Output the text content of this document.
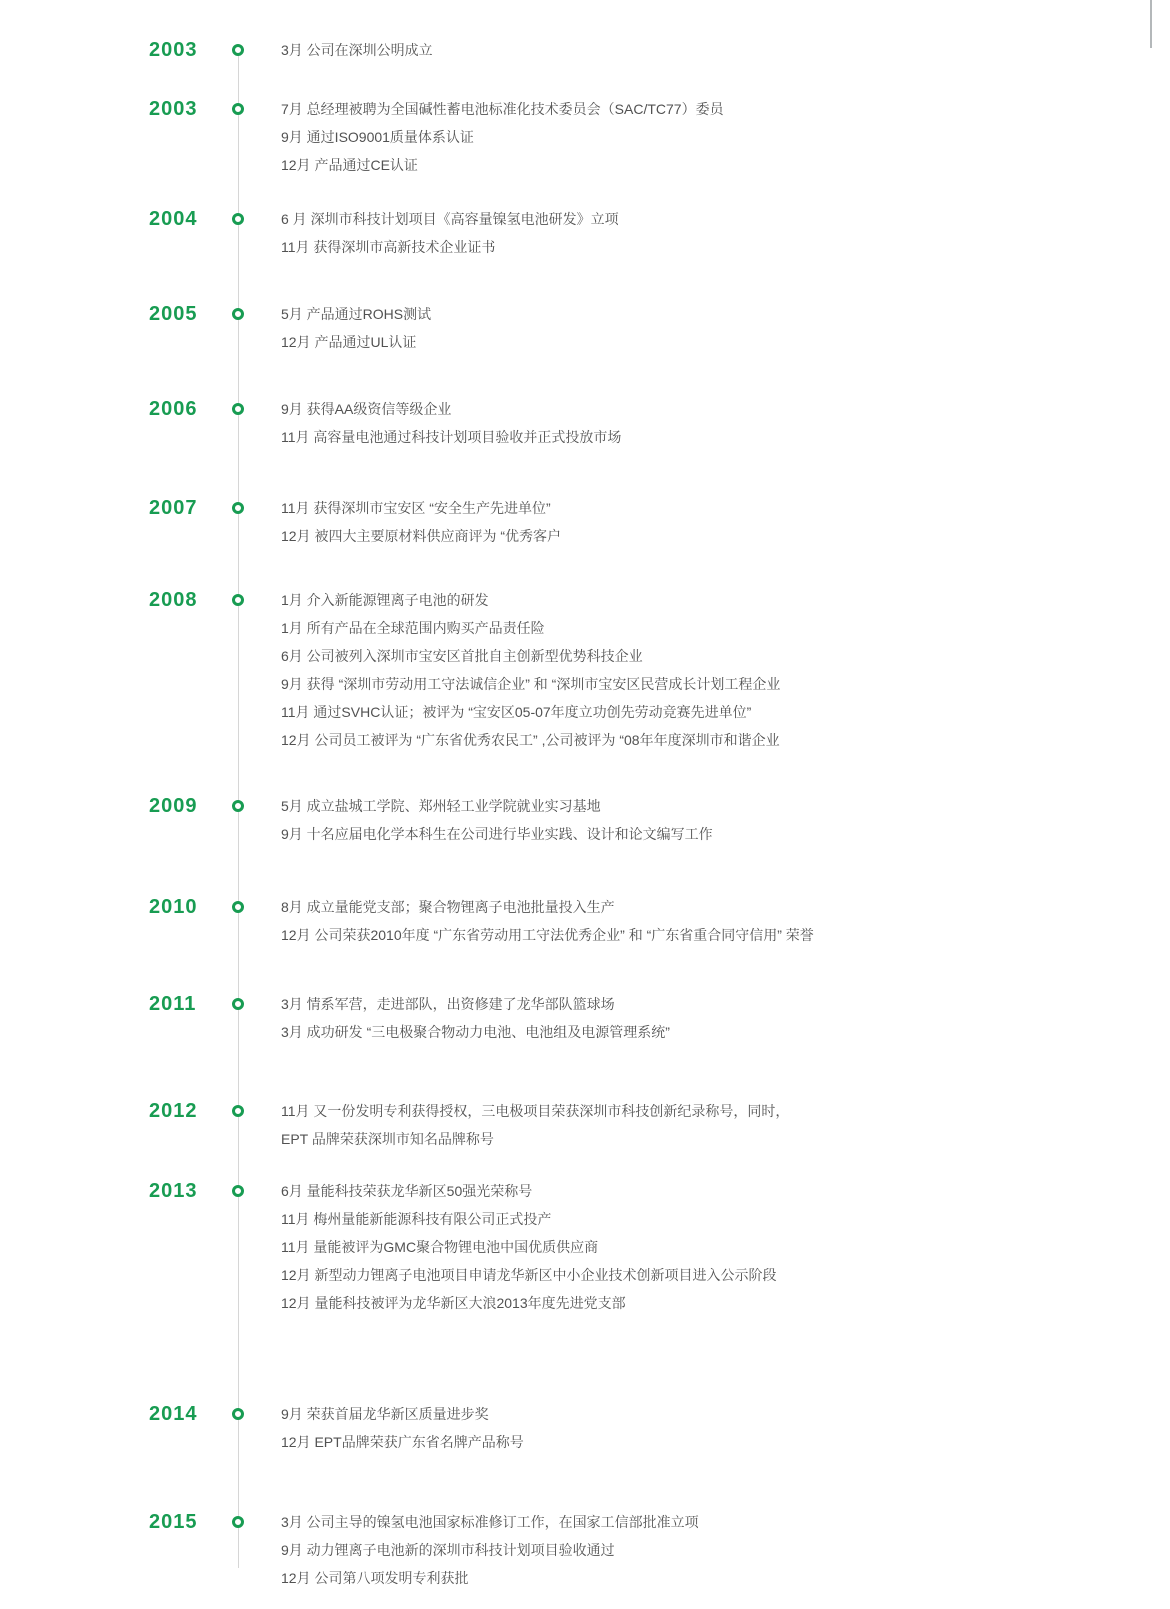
2003	3月 公司在深圳公明成立
2003	7月 总经理被聘为全国碱性蓄电池标准化技术委员会（SAC/TC77）委员
9月 通过ISO9001质量体系认证
12月 产品通过CE认证
2004	6 月 深圳市科技计划项目《高容量镍氢电池研发》立项
11月 获得深圳市高新技术企业证书
2005	5月 产品通过ROHS测试
12月 产品通过UL认证
2006	9月 获得AA级资信等级企业
11月 高容量电池通过科技计划项目验收并正式投放市场
2007	11月 获得深圳市宝安区 “安全生产先进单位”
12月 被四大主要原材料供应商评为 “优秀客户
2008	1月 介入新能源锂离子电池的研发
1月 所有产品在全球范围内购买产品责任险
6月 公司被列入深圳市宝安区首批自主创新型优势科技企业
9月 获得 “深圳市劳动用工守法诚信企业” 和 “深圳市宝安区民营成长计划工程企业
11月 通过SVHC认证；被评为 “宝安区05-07年度立功创先劳动竞赛先进单位”
12月 公司员工被评为 “广东省优秀农民工” ,公司被评为 “08年年度深圳市和谐企业
2009	5月 成立盐城工学院、郑州轻工业学院就业实习基地
9月 十名应届电化学本科生在公司进行毕业实践、设计和论文编写工作
2010	8月 成立量能党支部；聚合物锂离子电池批量投入生产
12月 公司荣获2010年度 “广东省劳动用工守法优秀企业” 和 “广东省重合同守信用” 荣誉
2011	3月 情系军营，走进部队，出资修建了龙华部队篮球场
3月 成功研发 “三电极聚合物动力电池、电池组及电源管理系统”
2012	11月 又一份发明专利获得授权，三电极项目荣获深圳市科技创新纪录称号，同时，
EPT 品牌荣获深圳市知名品牌称号
2013	6月 量能科技荣获龙华新区50强光荣称号
11月 梅州量能新能源科技有限公司正式投产
11月 量能被评为GMC聚合物锂电池中国优质供应商
12月 新型动力锂离子电池项目申请龙华新区中小企业技术创新项目进入公示阶段
12月 量能科技被评为龙华新区大浪2013年度先进党支部
2014	9月 荣获首届龙华新区质量进步奖
12月 EPT品牌荣获广东省名牌产品称号
2015	3月 公司主导的镍氢电池国家标准修订工作，在国家工信部批准立项
9月 动力锂离子电池新的深圳市科技计划项目验收通过
12月 公司第八项发明专利获批
